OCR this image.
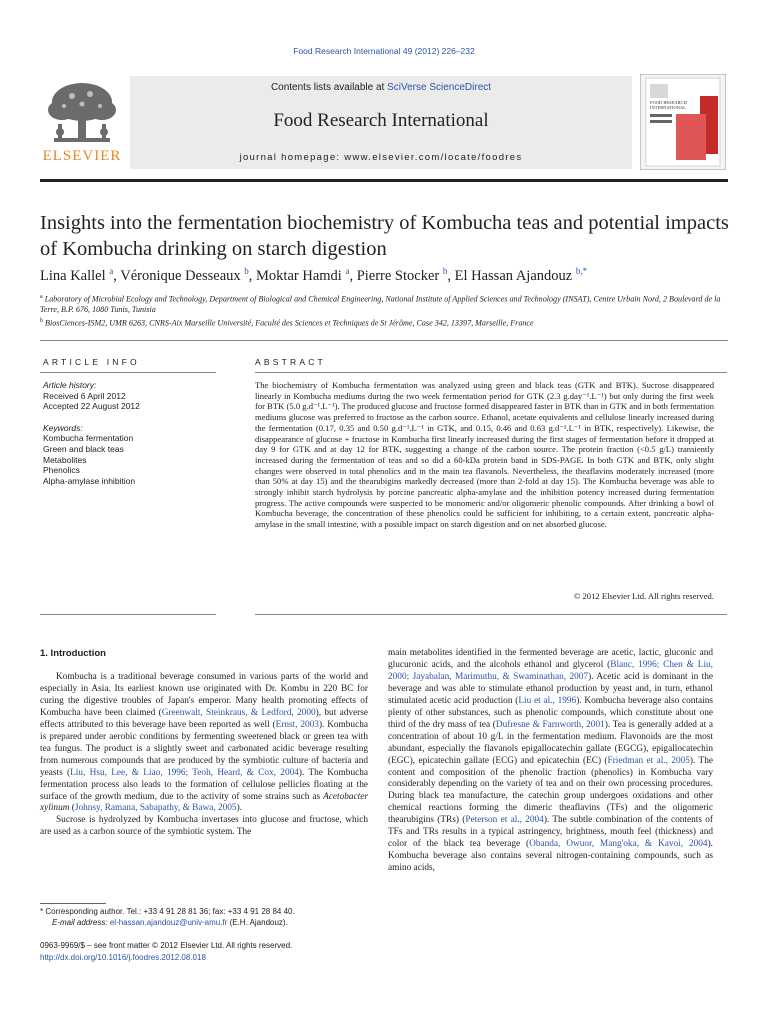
Food Research International 49 (2012) 226–232
Contents lists available at SciVerse ScienceDirect
Food Research International
journal homepage: www.elsevier.com/locate/foodres
ELSEVIER
FOOD RESEARCH INTERNATIONAL
Insights into the fermentation biochemistry of Kombucha teas and potential impacts of Kombucha drinking on starch digestion
Lina Kallel $^a$, Véronique Desseaux $^b$, Moktar Hamdi $^a$, Pierre Stocker $^b$, El Hassan Ajandouz $^{b,*}$
$^a$ Laboratory of Microbial Ecology and Technology, Department of Biological and Chemical Engineering, National Institute of Applied Sciences and Technology (INSAT), Centre Urbain Nord, 2 Boulevard de la Terre, B.P. 676, 1080 Tunis, Tunisia
$^b$ BiosCiences-ISM2, UMR 6263, CNRS-Aix Marseille Université, Faculté des Sciences et Techniques de St Jérôme, Case 342, 13397, Marseille, France
ARTICLE INFO	ABSTRACT
Article history:
Received 6 April 2012
Accepted 22 August 2012
Keywords:
Kombucha fermentation
Green and black teas
Metabolites
Phenolics
Alpha-amylase inhibition
The biochemistry of Kombucha fermentation was analyzed using green and black teas (GTK and BTK). Sucrose disappeared linearly in Kombucha mediums during the two week fermentation period for GTK (2.3 g.day⁻¹.L⁻¹) but only during the first week for BTK (5.0 g.d⁻¹.L⁻¹). The produced glucose and fructose formed disappeared faster in BTK than in GTK and in both fermentation mediums glucose was preferred to fructose as the carbon source. Ethanol, acetate equivalents and cellulose linearly increased during the fermentation (0.17, 0.35 and 0.50 g.d⁻¹.L⁻¹ in GTK, and 0.15, 0.46 and 0.63 g.d⁻¹.L⁻¹ in BTK, respectively). Likewise, the disappearance of glucose + fructose in Kombucha first linearly increased during the first stages of fermentation before it dropped at day 9 for GTK and at day 12 for BTK, suggesting a change of the carbon source. The protein fraction (<0.5 g/L) transiently increased during the fermentation of teas and so did a 60-kDa protein band in SDS-PAGE. In both GTK and BTK, only slight changes were observed in total phenolics and in the main tea flavanols. Nevertheless, the theaflavins moderately increased (more than 50% at day 15) and the thearubigins markedly decreased (more than 2-fold at day 15). The Kombucha beverage was able to strongly inhibit starch hydrolysis by porcine pancreatic alpha-amylase and the inhibition potency increased during fermentation progress. The active compounds were suspected to be monomeric and/or oligomeric phenolic compounds. After drinking a bowl of Kombucha beverage, the concentration of these phenolics could be sufficient for inhibiting, to a certain extent, pancreatic alpha-amylase in the small intestine, with a possible impact on starch digestion and on net absorbed glucose.
© 2012 Elsevier Ltd. All rights reserved.
1. Introduction

Kombucha is a traditional beverage consumed in various parts of the world and especially in Asia. Its earliest known use originated with Dr. Kombu in 220 BC for curing the digestive troubles of Japan's emperor. Many health promoting effects of Kombucha have been claimed (Greenwalt, Steinkraus, & Ledford, 2000), but adverse effects attributed to this beverage have been reported as well (Ernst, 2003). Kombucha is prepared under aerobic conditions by fermenting sweetened black or green tea with tea fungus. The product is a slightly sweet and carbonated acidic beverage resulting from numerous compounds that are produced by the symbiotic culture of bacteria and yeasts (Liu, Hsu, Lee, & Liao, 1996; Teoh, Heard, & Cox, 2004). The Kombucha fermentation process also leads to the formation of cellulose pellicles floating at the surface of the growth medium, due to the activity of some strains such as Acetobacter xylinum (Johnsy, Ramana, Sabapathy, & Bawa, 2005).

Sucrose is hydrolyzed by Kombucha invertases into glucose and fructose, which are used as a carbon source of the symbiotic system. The

main metabolites identified in the fermented beverage are acetic, lactic, gluconic and glucuronic acids, and the alcohols ethanol and glycerol (Blanc, 1996; Chen & Liu, 2000; Jayabalan, Marimuthu, & Swaminathan, 2007). Acetic acid is dominant in the beverage and was able to stimulate ethanol production by yeast and, in turn, ethanol stimulated acetic acid production (Liu et al., 1996). Kombucha beverage also contains plenty of other substances, such as phenolic compounds, which constitute about one third of the dry mass of tea (Dufresne & Farnworth, 2001). Tea is generally added at a concentration of about 10 g/L in the fermentation medium. Flavonoids are the most abundant, especially the flavanols epigallocatechin gallate (EGCG), epigallocatechin (EGC), epicatechin gallate (ECG) and epicatechin (EC) (Friedman et al., 2005). The content and composition of the phenolic fraction (phenolics) in Kombucha vary considerably depending on the variety of tea and on their own processing procedures. During black tea manufacture, the catechin group undergoes oxidations and other chemical reactions forming the dimeric theaflavins (TFs) and the oligomeric thearubigins (TRs) (Peterson et al., 2004). The subtle combination of the contents of TFs and TRs results in a typical astringency, brightness, mouth feel (thickness) and color of the black tea beverage (Obanda, Owuor, Mang'oka, & Kavoi, 2004). Kombucha beverage also contains several nitrogen-containing compounds, such as amino acids,

* Corresponding author. Tel.: +33 4 91 28 81 36; fax: +33 4 91 28 84 40.
E-mail address: el-hassan.ajandouz@univ-amu.fr (E.H. Ajandouz).
0963-9969/$ – see front matter © 2012 Elsevier Ltd. All rights reserved.
http://dx.doi.org/10.1016/j.foodres.2012.08.018
